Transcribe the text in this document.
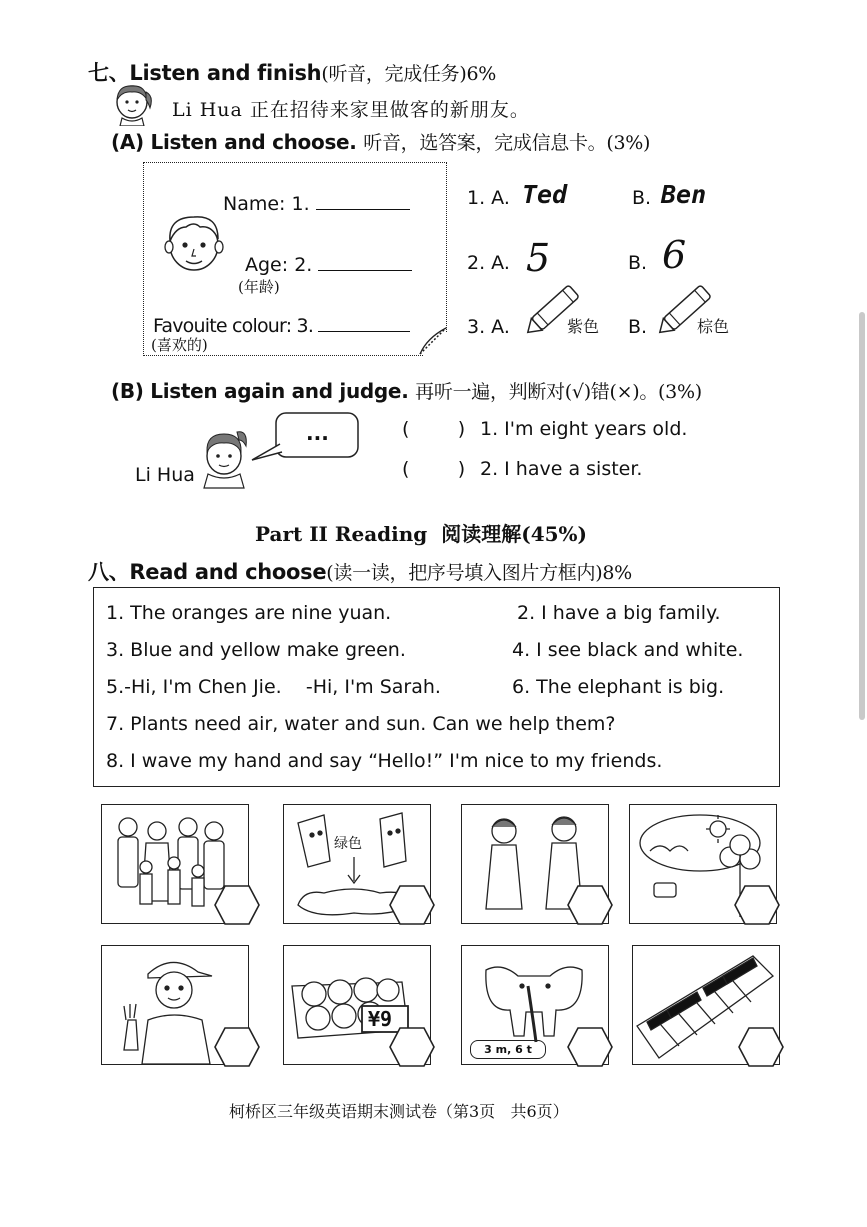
七、Listen and finish(听音，完成任务)6%
Li Hua 正在招待来家里做客的新朋友。
(A) Listen and choose. 听音，选答案，完成信息卡。(3%)
Name: 1.
Age: 2.
(年龄)
Favouite colour: 3.
(喜欢的)
1. A. Ted	B. Ben
2. A. 5	B. 6
3. A.	紫色 B.	棕色
(B) Listen again and judge. 再听一遍，判断对(√)错(×)。(3%)
...
Li Hua
(        ) 1. I'm eight years old.
(        ) 2. I have a sister.
Part II Reading 阅读理解(45%)
八、Read and choose(读一读，把序号填入图片方框内)8%
1. The oranges are nine yuan.	2. I have a big family.
3. Blue and yellow make green.	4. I see black and white.
5.-Hi, I'm Chen Jie.    -Hi, I'm Sarah.	6. The elephant is big.
7. Plants need air, water and sun. Can we help them?
8. I wave my hand and say “Hello!” I'm nice to my friends.
绿色
¥9
3 m, 6 t
柯桥区三年级英语期末测试卷（第3页   共6页）
